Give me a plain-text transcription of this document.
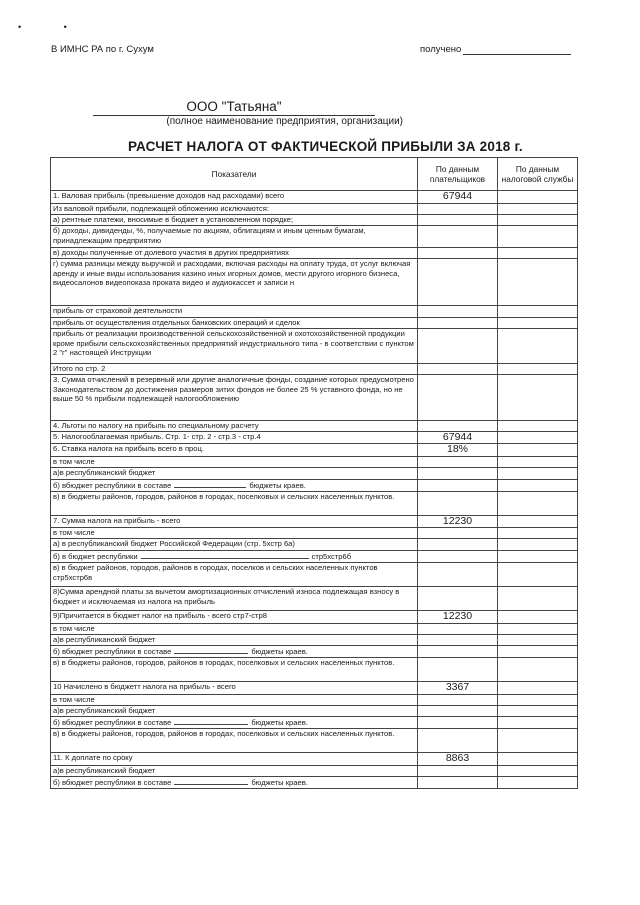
• •
В ИМНС РА по г. Сухум	получено
ООО "Татьяна"
(полное наименование предприятия, организации)
РАСЧЕТ НАЛОГА ОТ ФАКТИЧЕСКОЙ ПРИБЫЛИ ЗА 2018 г.
Показатели	По данным плательщиков	По данным налоговой службы
1. Валовая прибыль (превышение доходов над расходами) всего	67944	
Из валовой прибыли, подлежащей обложению исключаются:		
а) рентные платежи, вносимые в бюджет в установленном порядке;		
б) доходы, дивиденды, %, получаемые по акциям, облигациям и иным ценным бумагам, принадлежащим предприятию		
в) доходы полученные от долевого участия в других предприятиях		
г) сумма разницы между выручкой и расходами, включая расходы на оплату труда, от услуг включая аренду и иные виды использования казино иных игорных домов, мести другого игорного бизнеса, видеосалонов видеопоказа проката видео и аудиокассет и записи н		
прибыль от страховой деятельности		
прибыль от осуществления отдельных банковских операций и сделок		
прибыль от реализации производственной сельскохозяйственной и охотохозяйственной продукции кроме прибыли сельскохозяйственных предприятий индустриального типа - в соответствии с пунктом 2 "г" настоящей Инструкции		
Итого по стр. 2		
3. Сумма отчислений в резервный или другие аналогичные фонды, создание которых предусмотрено Законодательством до достижения размеров зитих фондов не более 25 % уставного фонда, но не выше 50 % прибыли подлежащей налогообложению		
4. Льготы по налогу на прибыль по специальному расчету		
5. Налогооблагаемая прибыль. Стр. 1- стр. 2 - стр.3 - стр.4	67944	
6. Ставка налога на прибыль всего в проц.	18%	
в том числе		
а)в республиканский бюджет		
б) вбюджет республики в составе бюджеты краев.		
в) в бюджеты районов, городов, районов в городах, поселковых и сельских населенных пунктов.		
7. Сумма налога на прибыль - всего	12230	
в том числе		
а) в республиканский бюджет Российской Федерации (стр. 5хстр 6а)		
б) в бюджет республики стр5хстр6б		
в) в бюджет районов, городов, районов в городах, поселков и сельских населенных пунктов стр5хстр6в		
8)Сумма арендной платы за вычетом амортизационных отчислений износа подлежащая взносу в бюджет и исключаемая из налога на прибыль		
9)Причитается в бюджет налог на прибыль - всего стр7-стр8	12230	
в том числе		
а)в республиканский бюджет		
б) вбюджет республики в составе бюджеты краев.		
в) в бюджеты районов, городов, районов в городах, поселковых и сельских населенных пунктов.		
10 Начислено в бюджетт налога на прибыль - всего	3367	
в том числе		
а)в республиканский бюджет		
б) вбюджет республики в составе бюджеты краев.		
в) в бюджеты районов, городов, районов в городах, поселковых и сельских населенных пунктов.		
11. К доплате по сроку	8863	
а)в республиканский бюджет		
б) вбюджет республики в составе бюджеты краев.		
